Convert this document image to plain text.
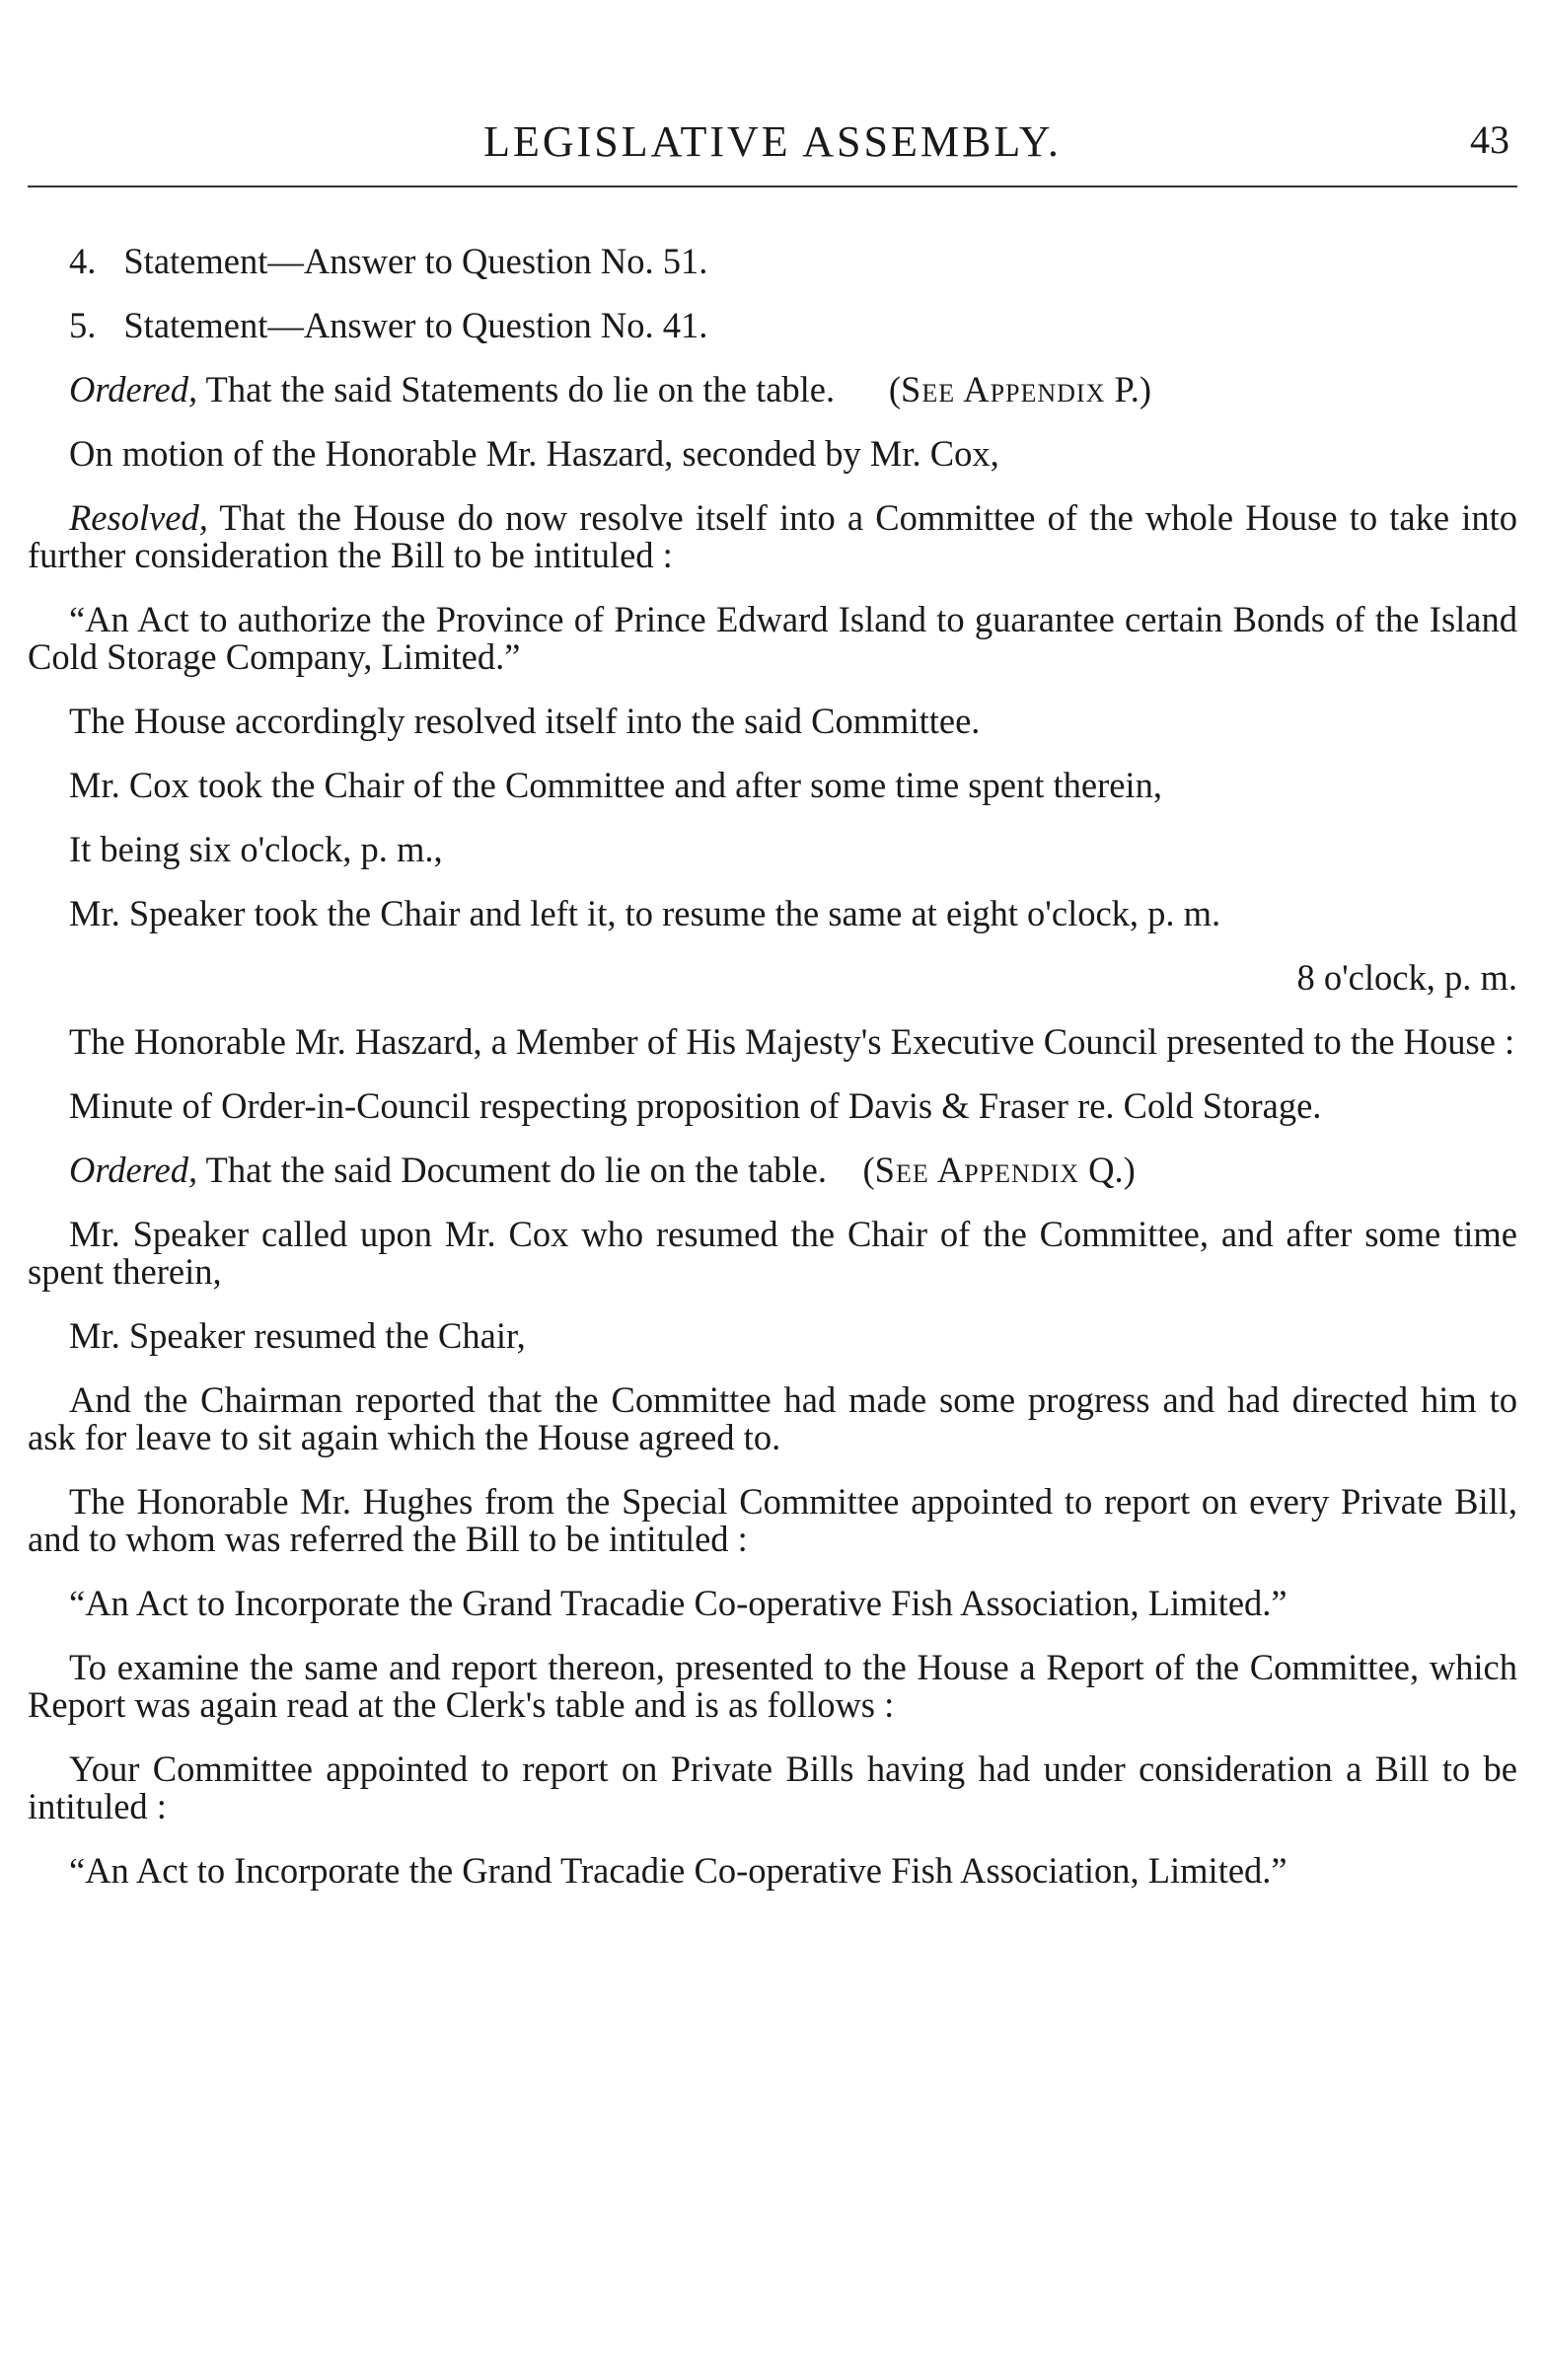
LEGISLATIVE ASSEMBLY.	43

4. Statement—Answer to Question No. 51.

5. Statement—Answer to Question No. 41.

Ordered, That the said Statements do lie on the table. (See Appendix P.)

On motion of the Honorable Mr. Haszard, seconded by Mr. Cox,

Resolved, That the House do now resolve itself into a Committee of the whole House to take into further consideration the Bill to be intituled :

“An Act to authorize the Province of Prince Edward Island to guarantee certain Bonds of the Island Cold Storage Company, Limited.”

The House accordingly resolved itself into the said Committee.

Mr. Cox took the Chair of the Committee and after some time spent therein,

It being six o'clock, p. m.,

Mr. Speaker took the Chair and left it, to resume the same at eight o'clock, p. m.

8 o'clock, p. m.

The Honorable Mr. Haszard, a Member of His Majesty's Executive Council presented to the House :

Minute of Order-in-Council respecting proposition of Davis & Fraser re. Cold Storage.

Ordered, That the said Document do lie on the table. (See Appendix Q.)

Mr. Speaker called upon Mr. Cox who resumed the Chair of the Committee, and after some time spent therein,

Mr. Speaker resumed the Chair,

And the Chairman reported that the Committee had made some progress and had directed him to ask for leave to sit again which the House agreed to.

The Honorable Mr. Hughes from the Special Committee appointed to report on every Private Bill, and to whom was referred the Bill to be intituled :

“An Act to Incorporate the Grand Tracadie Co-operative Fish Association, Limited.”

To examine the same and report thereon, presented to the House a Report of the Committee, which Report was again read at the Clerk's table and is as follows :

Your Committee appointed to report on Private Bills having had under consideration a Bill to be intituled :

“An Act to Incorporate the Grand Tracadie Co-operative Fish Association, Limited.”
